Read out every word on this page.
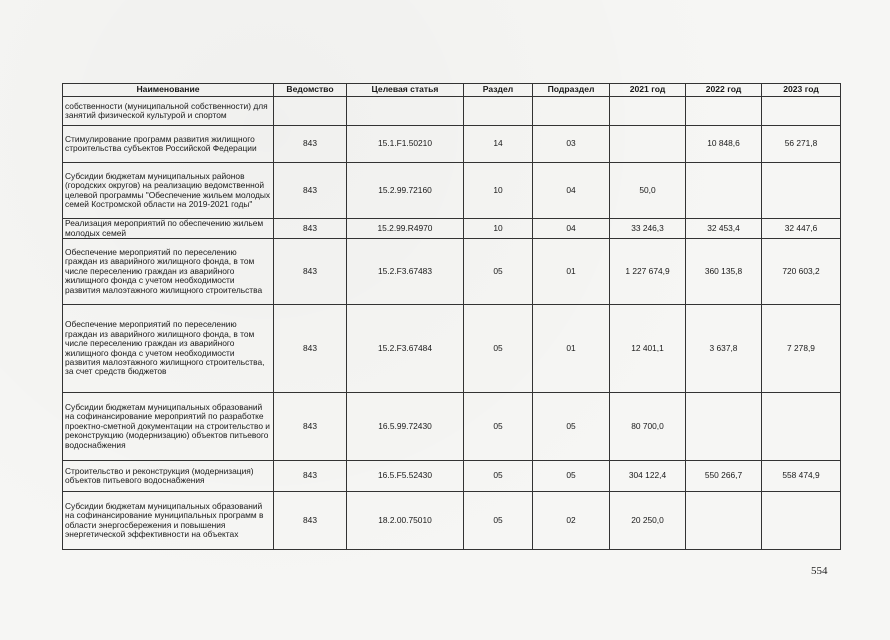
Наименование	Ведомство	Целевая статья	Раздел	Подраздел	2021 год	2022 год	2023 год
собственности (муниципальной собственности) для занятий физической культурой и спортом							
Стимулирование программ развития жилищного строительства субъектов Российской Федерации	843	15.1.F1.50210	14	03		10 848,6	56 271,8
Субсидии бюджетам муниципальных районов (городских округов) на реализацию ведомственной целевой программы "Обеспечение жильем молодых семей Костромской области на 2019-2021 годы"	843	15.2.99.72160	10	04	50,0		
Реализация мероприятий по обеспечению жильем молодых семей	843	15.2.99.R4970	10	04	33 246,3	32 453,4	32 447,6
Обеспечение мероприятий по переселению граждан из аварийного жилищного фонда, в том числе переселению граждан из аварийного жилищного фонда с учетом необходимости развития малоэтажного жилищного строительства	843	15.2.F3.67483	05	01	1 227 674,9	360 135,8	720 603,2
Обеспечение мероприятий по переселению граждан из аварийного жилищного фонда, в том числе переселению граждан из аварийного жилищного фонда с учетом необходимости развития малоэтажного жилищного строительства, за счет средств бюджетов	843	15.2.F3.67484	05	01	12 401,1	3 637,8	7 278,9
Субсидии бюджетам муниципальных образований на софинансирование мероприятий по разработке проектно-сметной документации на строительство и реконструкцию (модернизацию) объектов питьевого водоснабжения	843	16.5.99.72430	05	05	80 700,0		
Строительство и реконструкция (модернизация) объектов питьевого водоснабжения	843	16.5.F5.52430	05	05	304 122,4	550 266,7	558 474,9
Субсидии бюджетам муниципальных образований на софинансирование муниципальных программ в области энергосбережения и повышения энергетической эффективности на объектах	843	18.2.00.75010	05	02	20 250,0		
554
